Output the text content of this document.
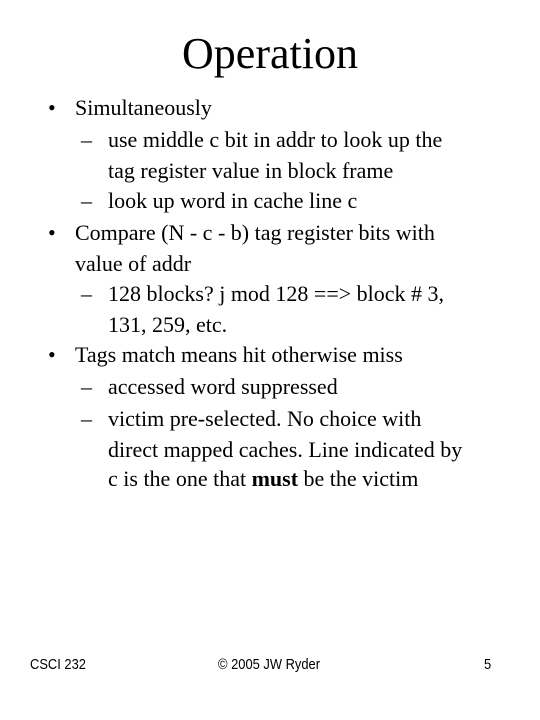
Operation
• Simultaneously
– use middle c bit in addr to look up the
tag register value in block frame
– look up word in cache line c
• Compare (N - c - b) tag register bits with
value of addr
– 128 blocks? j mod 128 ==> block # 3,
131, 259, etc.
• Tags match means hit otherwise miss
– accessed word suppressed
– victim pre-selected. No choice with
direct mapped caches. Line indicated by
c is the one that must be the victim
CSCI 232	© 2005 JW Ryder	5
